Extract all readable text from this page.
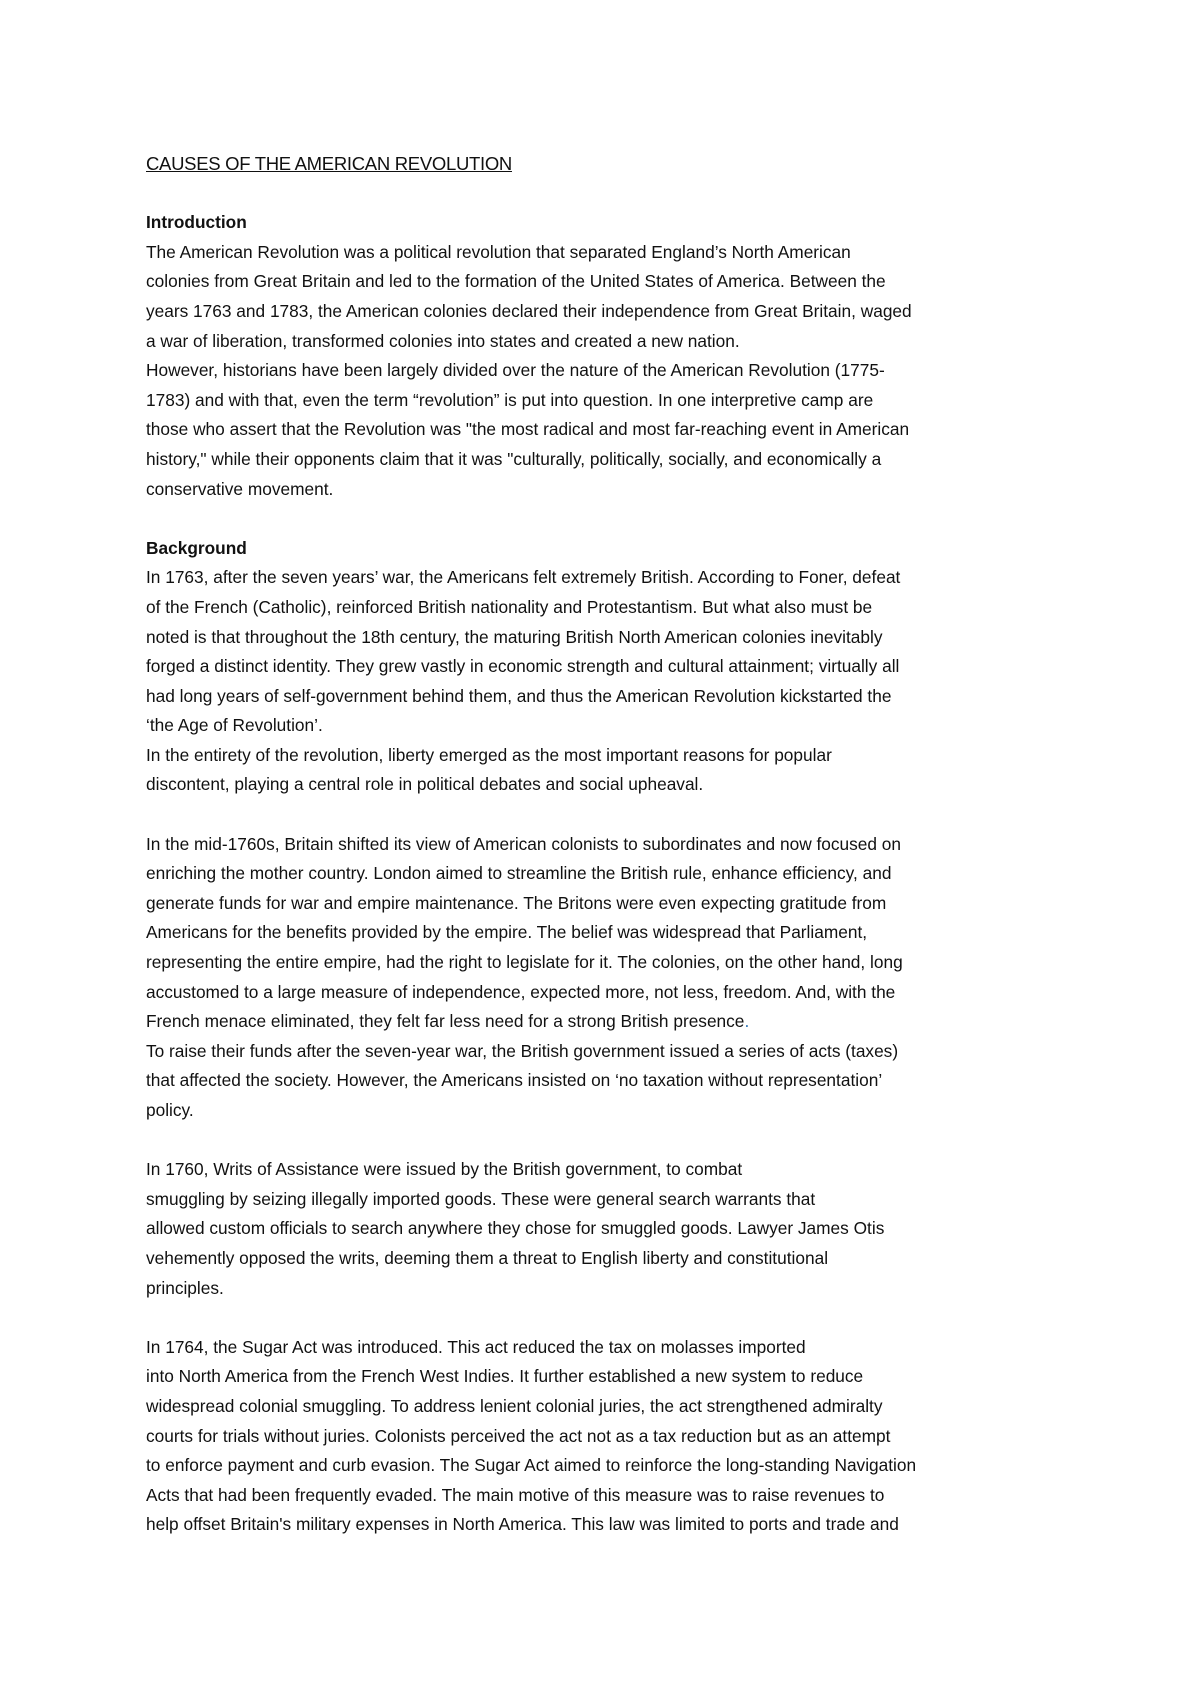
CAUSES OF THE AMERICAN REVOLUTION
Introduction

The American Revolution was a political revolution that separated England’s North American
colonies from Great Britain and led to the formation of the United States of America. Between the
years 1763 and 1783, the American colonies declared their independence from Great Britain, waged
a war of liberation, transformed colonies into states and created a new nation.

However, historians have been largely divided over the nature of the American Revolution (1775-
1783) and with that, even the term “revolution” is put into question. In one interpretive camp are
those who assert that the Revolution was "the most radical and most far-reaching event in American
history," while their opponents claim that it was "culturally, politically, socially, and economically a
conservative movement.

Background

In 1763, after the seven years’ war, the Americans felt extremely British. According to Foner, defeat
of the French (Catholic), reinforced British nationality and Protestantism. But what also must be
noted is that throughout the 18th century, the maturing British North American colonies inevitably
forged a distinct identity. They grew vastly in economic strength and cultural attainment; virtually all
had long years of self-government behind them, and thus the American Revolution kickstarted the
‘the Age of Revolution’.

In the entirety of the revolution, liberty emerged as the most important reasons for popular
discontent, playing a central role in political debates and social upheaval.

In the mid-1760s, Britain shifted its view of American colonists to subordinates and now focused on
enriching the mother country. London aimed to streamline the British rule, enhance efficiency, and
generate funds for war and empire maintenance. The Britons were even expecting gratitude from
Americans for the benefits provided by the empire. The belief was widespread that Parliament,
representing the entire empire, had the right to legislate for it. The colonies, on the other hand, long
accustomed to a large measure of independence, expected more, not less, freedom. And, with the
French menace eliminated, they felt far less need for a strong British presence.

To raise their funds after the seven-year war, the British government issued a series of acts (taxes)
that affected the society. However, the Americans insisted on ‘no taxation without representation’
policy.

In 1760, Writs of Assistance were issued by the British government, to combat
smuggling by seizing illegally imported goods. These were general search warrants that
allowed custom officials to search anywhere they chose for smuggled goods. Lawyer James Otis
vehemently opposed the writs, deeming them a threat to English liberty and constitutional
principles.

In 1764, the Sugar Act was introduced. This act reduced the tax on molasses imported
into North America from the French West Indies. It further established a new system to reduce
widespread colonial smuggling. To address lenient colonial juries, the act strengthened admiralty
courts for trials without juries. Colonists perceived the act not as a tax reduction but as an attempt
to enforce payment and curb evasion. The Sugar Act aimed to reinforce the long-standing Navigation
Acts that had been frequently evaded. The main motive of this measure was to raise revenues to
help offset Britain's military expenses in North America. This law was limited to ports and trade and
